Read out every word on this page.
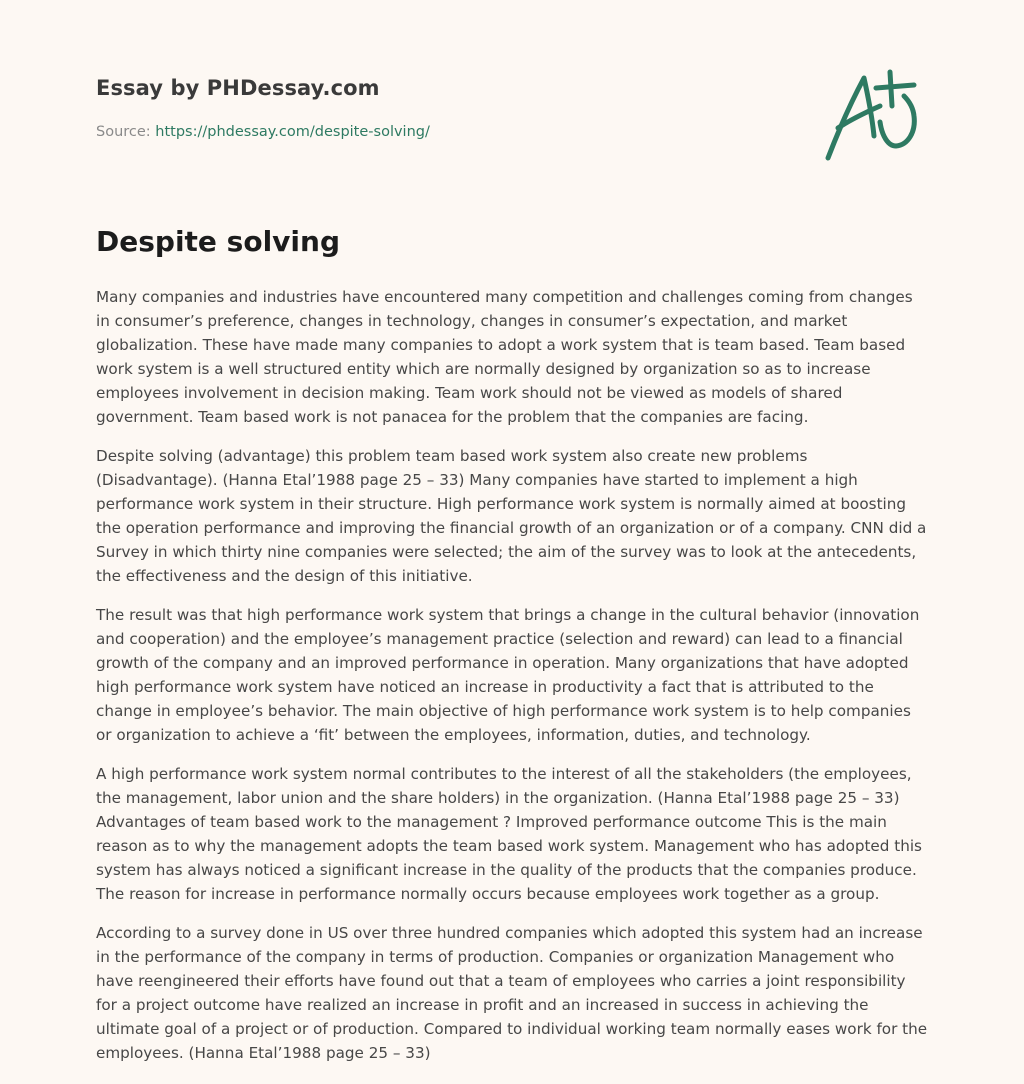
Essay by PHDessay.com
Source: https://phdessay.com/despite-solving/
Despite solving

Many companies and industries have encountered many competition and challenges coming from changes in consumer’s preference, changes in technology, changes in consumer’s expectation, and market globalization. These have made many companies to adopt a work system that is team based. Team based work system is a well structured entity which are normally designed by organization so as to increase employees involvement in decision making. Team work should not be viewed as models of shared government. Team based work is not panacea for the problem that the companies are facing.

Despite solving (advantage) this problem team based work system also create new problems (Disadvantage). (Hanna Etal’1988 page 25 – 33) Many companies have started to implement a high performance work system in their structure. High performance work system is normally aimed at boosting the operation performance and improving the financial growth of an organization or of a company. CNN did a Survey in which thirty nine companies were selected; the aim of the survey was to look at the antecedents, the effectiveness and the design of this initiative.

The result was that high performance work system that brings a change in the cultural behavior (innovation and cooperation) and the employee’s management practice (selection and reward) can lead to a financial growth of the company and an improved performance in operation. Many organizations that have adopted high performance work system have noticed an increase in productivity a fact that is attributed to the change in employee’s behavior. The main objective of high performance work system is to help companies or organization to achieve a ‘fit’ between the employees, information, duties, and technology.

A high performance work system normal contributes to the interest of all the stakeholders (the employees, the management, labor union and the share holders) in the organization. (Hanna Etal’1988 page 25 – 33) Advantages of team based work to the management ? Improved performance outcome This is the main reason as to why the management adopts the team based work system. Management who has adopted this system has always noticed a significant increase in the quality of the products that the companies produce. The reason for increase in performance normally occurs because employees work together as a group.

According to a survey done in US over three hundred companies which adopted this system had an increase in the performance of the company in terms of production. Companies or organization Management who have reengineered their efforts have found out that a team of employees who carries a joint responsibility for a project outcome have realized an increase in profit and an increased in success in achieving the ultimate goal of a project or of production. Compared to individual working team normally eases work for the employees. (Hanna Etal’1988 page 25 – 33)
